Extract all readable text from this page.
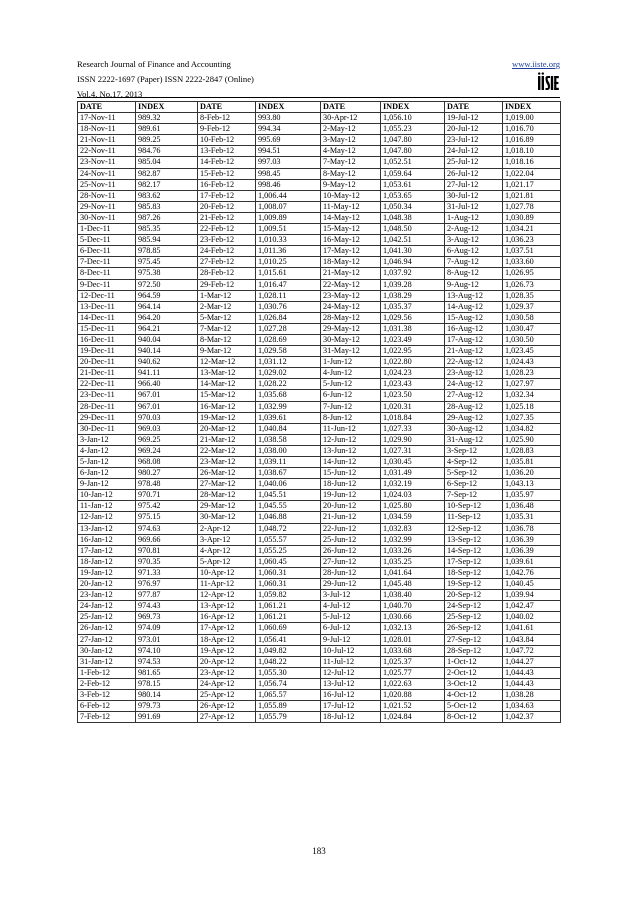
Research Journal of Finance and Accounting
ISSN 2222-1697 (Paper) ISSN 2222-2847 (Online)
Vol.4, No.17, 2013
www.iiste.org
DATE	INDEX	DATE	INDEX	DATE	INDEX	DATE	INDEX
17-Nov-11	989.32	8-Feb-12	993.80	30-Apr-12	1,056.10	19-Jul-12	1,019.00
18-Nov-11	989.61	9-Feb-12	994.34	2-May-12	1,055.23	20-Jul-12	1,016.70
21-Nov-11	989.25	10-Feb-12	995.69	3-May-12	1,047.80	23-Jul-12	1,016.89
22-Nov-11	984.76	13-Feb-12	994.51	4-May-12	1,047.80	24-Jul-12	1,018.10
23-Nov-11	985.04	14-Feb-12	997.03	7-May-12	1,052.51	25-Jul-12	1,018.16
24-Nov-11	982.87	15-Feb-12	998.45	8-May-12	1,059.64	26-Jul-12	1,022.04
25-Nov-11	982.17	16-Feb-12	998.46	9-May-12	1,053.61	27-Jul-12	1,021.17
28-Nov-11	983.62	17-Feb-12	1,006.44	10-May-12	1,053.65	30-Jul-12	1,021.81
29-Nov-11	985.83	20-Feb-12	1,008.07	11-May-12	1,050.34	31-Jul-12	1,027.78
30-Nov-11	987.26	21-Feb-12	1,009.89	14-May-12	1,048.38	1-Aug-12	1,030.89
1-Dec-11	985.35	22-Feb-12	1,009.51	15-May-12	1,048.50	2-Aug-12	1,034.21
5-Dec-11	985.94	23-Feb-12	1,010.33	16-May-12	1,042.51	3-Aug-12	1,036.23
6-Dec-11	978.85	24-Feb-12	1,011.36	17-May-12	1,041.30	6-Aug-12	1,037.51
7-Dec-11	975.45	27-Feb-12	1,010.25	18-May-12	1,046.94	7-Aug-12	1,033.60
8-Dec-11	975.38	28-Feb-12	1,015.61	21-May-12	1,037.92	8-Aug-12	1,026.95
9-Dec-11	972.50	29-Feb-12	1,016.47	22-May-12	1,039.28	9-Aug-12	1,026.73
12-Dec-11	964.59	1-Mar-12	1,028.11	23-May-12	1,038.29	13-Aug-12	1,028.35
13-Dec-11	964.14	2-Mar-12	1,030.76	24-May-12	1,035.37	14-Aug-12	1,029.37
14-Dec-11	964.20	5-Mar-12	1,026.84	28-May-12	1,029.56	15-Aug-12	1,030.58
15-Dec-11	964.21	7-Mar-12	1,027.28	29-May-12	1,031.38	16-Aug-12	1,030.47
16-Dec-11	940.04	8-Mar-12	1,028.69	30-May-12	1,023.49	17-Aug-12	1,030.50
19-Dec-11	940.14	9-Mar-12	1,029.58	31-May-12	1,022.95	21-Aug-12	1,023.45
20-Dec-11	940.62	12-Mar-12	1,031.12	1-Jun-12	1,022.80	22-Aug-12	1,024.43
21-Dec-11	941.11	13-Mar-12	1,029.02	4-Jun-12	1,024.23	23-Aug-12	1,028.23
22-Dec-11	966.40	14-Mar-12	1,028.22	5-Jun-12	1,023.43	24-Aug-12	1,027.97
23-Dec-11	967.01	15-Mar-12	1,035.68	6-Jun-12	1,023.50	27-Aug-12	1,032.34
28-Dec-11	967.01	16-Mar-12	1,032.99	7-Jun-12	1,020.31	28-Aug-12	1,025.18
29-Dec-11	970.03	19-Mar-12	1,039.61	8-Jun-12	1,018.84	29-Aug-12	1,027.35
30-Dec-11	969.03	20-Mar-12	1,040.84	11-Jun-12	1,027.33	30-Aug-12	1,034.82
3-Jan-12	969.25	21-Mar-12	1,038.58	12-Jun-12	1,029.90	31-Aug-12	1,025.90
4-Jan-12	969.24	22-Mar-12	1,038.00	13-Jun-12	1,027.31	3-Sep-12	1,028.83
5-Jan-12	968.08	23-Mar-12	1,039.11	14-Jun-12	1,030.45	4-Sep-12	1,035.81
6-Jan-12	980.27	26-Mar-12	1,038.67	15-Jun-12	1,031.49	5-Sep-12	1,036.20
9-Jan-12	978.48	27-Mar-12	1,040.06	18-Jun-12	1,032.19	6-Sep-12	1,043.13
10-Jan-12	970.71	28-Mar-12	1,045.51	19-Jun-12	1,024.03	7-Sep-12	1,035.97
11-Jan-12	975.42	29-Mar-12	1,045.55	20-Jun-12	1,025.80	10-Sep-12	1,036.48
12-Jan-12	975.15	30-Mar-12	1,046.88	21-Jun-12	1,034.59	11-Sep-12	1,035.31
13-Jan-12	974.63	2-Apr-12	1,048.72	22-Jun-12	1,032.83	12-Sep-12	1,036.78
16-Jan-12	969.66	3-Apr-12	1,055.57	25-Jun-12	1,032.99	13-Sep-12	1,036.39
17-Jan-12	970.81	4-Apr-12	1,055.25	26-Jun-12	1,033.26	14-Sep-12	1,036.39
18-Jan-12	970.35	5-Apr-12	1,060.45	27-Jun-12	1,035.25	17-Sep-12	1,039.61
19-Jan-12	971.33	10-Apr-12	1,060.31	28-Jun-12	1,041.64	18-Sep-12	1,042.76
20-Jan-12	976.97	11-Apr-12	1,060.31	29-Jun-12	1,045.48	19-Sep-12	1,040.45
23-Jan-12	977.87	12-Apr-12	1,059.82	3-Jul-12	1,038.40	20-Sep-12	1,039.94
24-Jan-12	974.43	13-Apr-12	1,061.21	4-Jul-12	1,040.70	24-Sep-12	1,042.47
25-Jan-12	969.73	16-Apr-12	1,061.21	5-Jul-12	1,030.66	25-Sep-12	1,040.02
26-Jan-12	974.09	17-Apr-12	1,060.69	6-Jul-12	1,032.13	26-Sep-12	1,041.61
27-Jan-12	973.01	18-Apr-12	1,056.41	9-Jul-12	1,028.01	27-Sep-12	1,043.84
30-Jan-12	974.10	19-Apr-12	1,049.82	10-Jul-12	1,033.68	28-Sep-12	1,047.72
31-Jan-12	974.53	20-Apr-12	1,048.22	11-Jul-12	1,025.37	1-Oct-12	1,044.27
1-Feb-12	981.65	23-Apr-12	1,055.30	12-Jul-12	1,025.77	2-Oct-12	1,044.43
2-Feb-12	978.15	24-Apr-12	1,056.74	13-Jul-12	1,022.63	3-Oct-12	1,044.43
3-Feb-12	980.14	25-Apr-12	1,065.57	16-Jul-12	1,020.88	4-Oct-12	1,038.28
6-Feb-12	979.73	26-Apr-12	1,055.89	17-Jul-12	1,021.52	5-Oct-12	1,034.63
7-Feb-12	991.69	27-Apr-12	1,055.79	18-Jul-12	1,024.84	8-Oct-12	1,042.37
183
